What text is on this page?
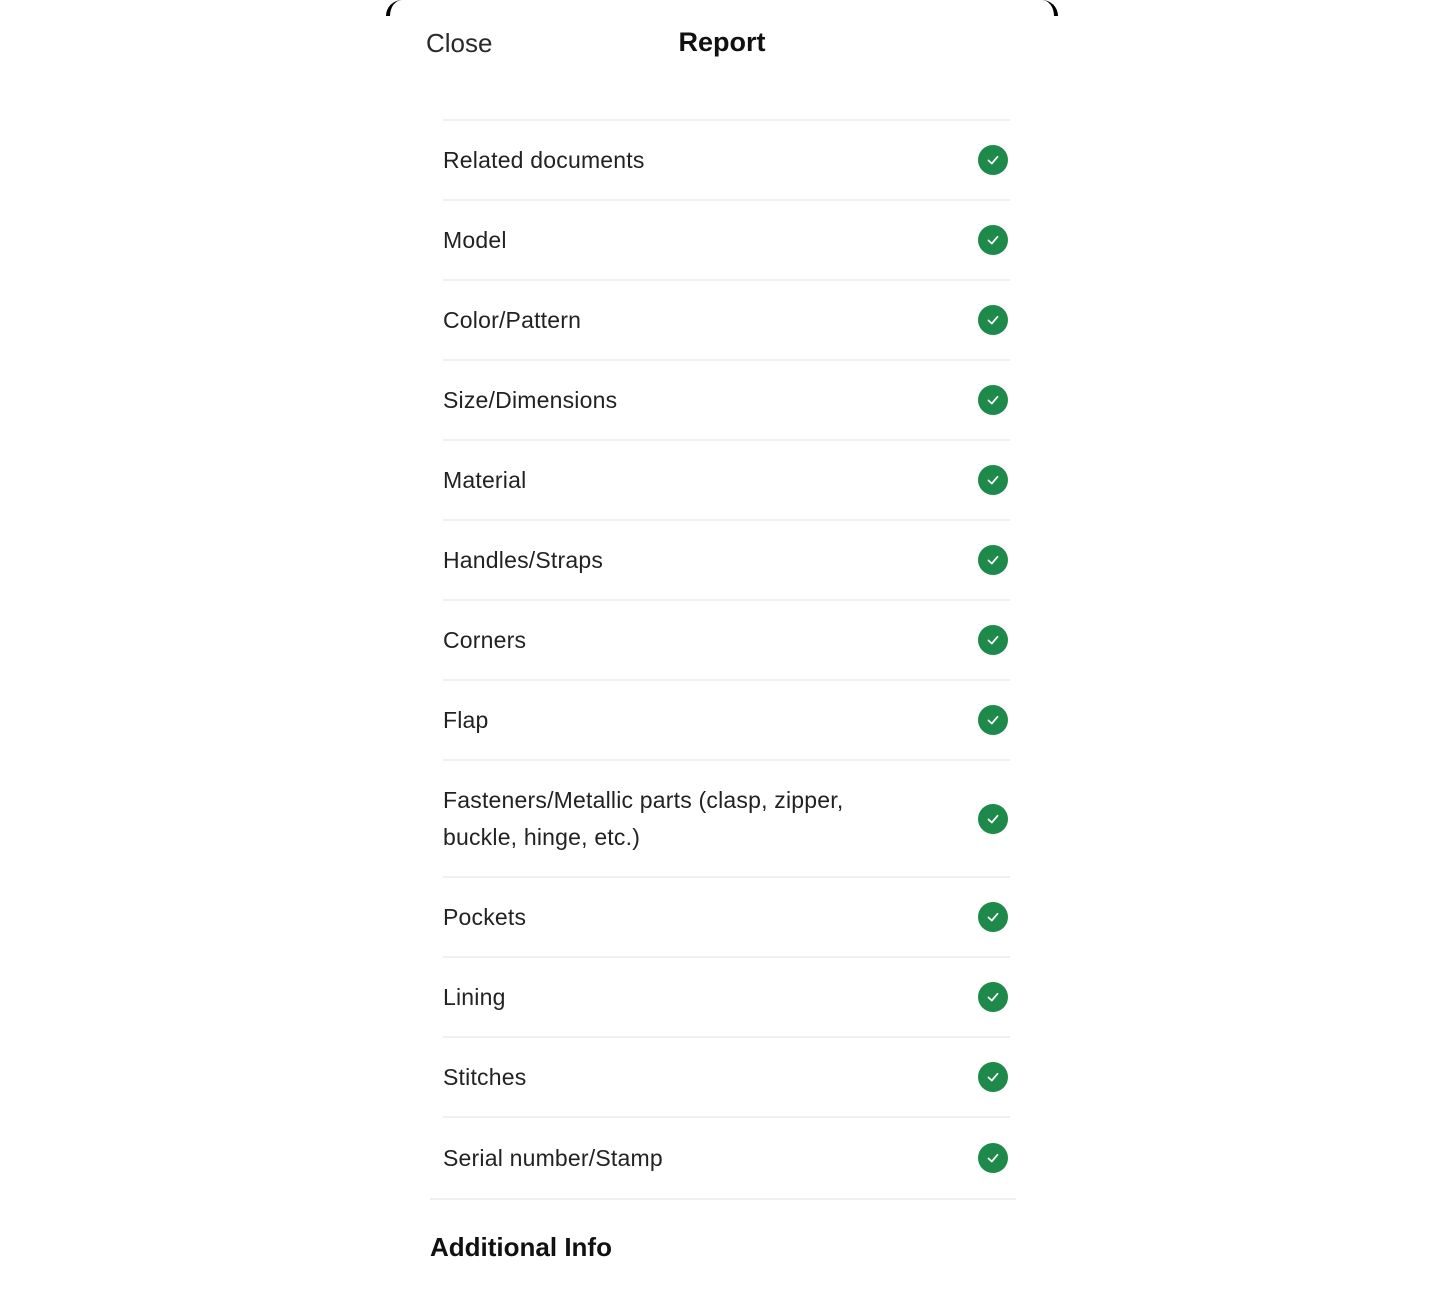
Close	Report
Related documents
Model
Color/Pattern
Size/Dimensions
Material
Handles/Straps
Corners
Flap
Fasteners/Metallic parts (clasp, zipper, buckle, hinge, etc.)
Pockets
Lining
Stitches
Serial number/Stamp
Additional Info
